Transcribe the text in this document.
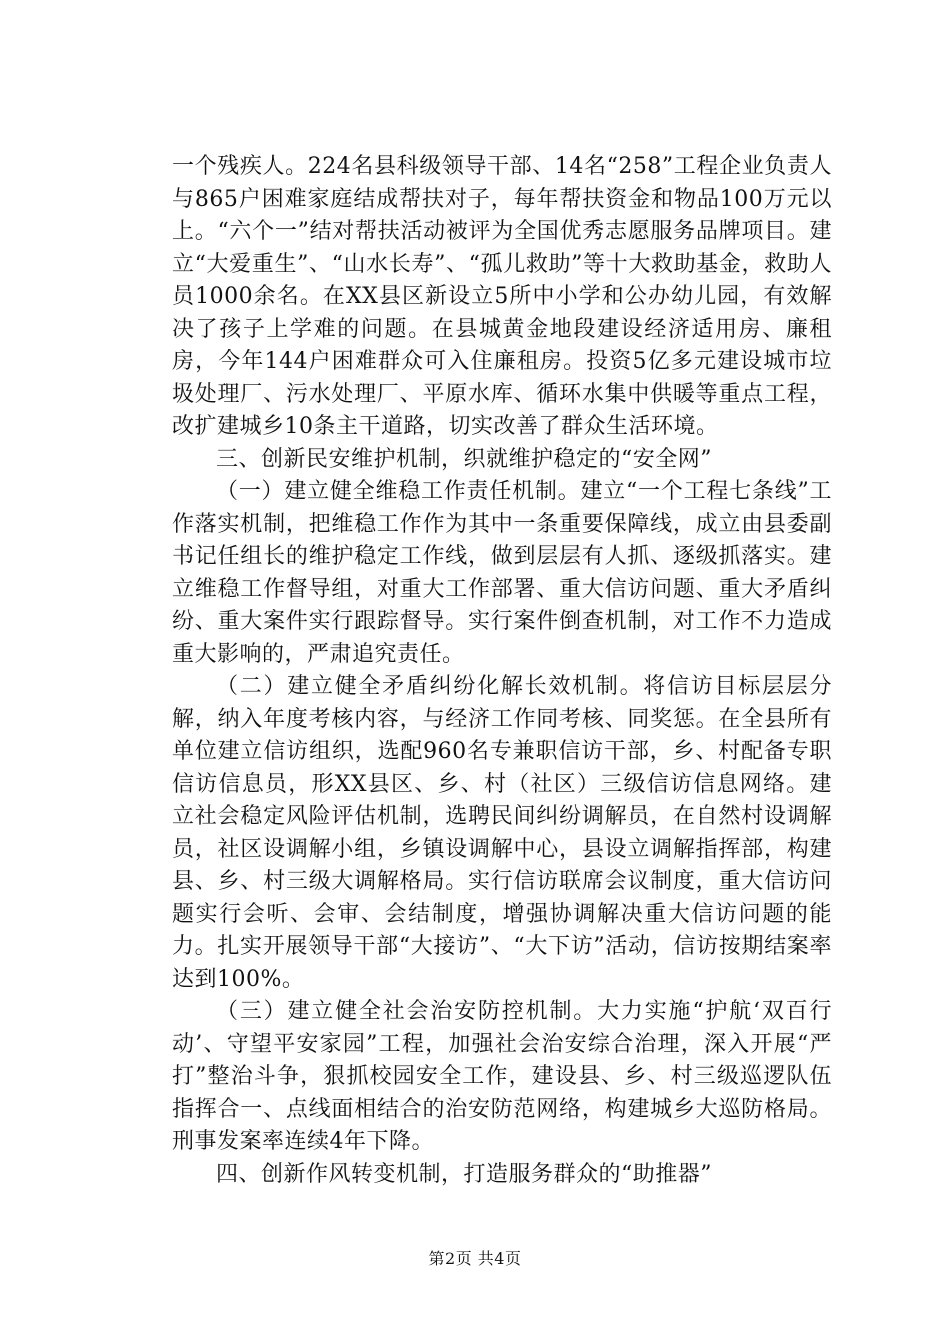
一个残疾人。224名县科级领导干部、14名“258”工程企业负责人与865户困难家庭结成帮扶对子，每年帮扶资金和物品100万元以上。“六个一”结对帮扶活动被评为全国优秀志愿服务品牌项目。建立“大爱重生”、“山水长寿”、“孤儿救助”等十大救助基金，救助人员1000余名。在XX县区新设立5所中小学和公办幼儿园，有效解决了孩子上学难的问题。在县城黄金地段建设经济适用房、廉租房，今年144户困难群众可入住廉租房。投资5亿多元建设城市垃圾处理厂、污水处理厂、平原水库、循环水集中供暖等重点工程，改扩建城乡10条主干道路，切实改善了群众生活环境。

三、创新民安维护机制，织就维护稳定的“安全网”

（一）建立健全维稳工作责任机制。建立“一个工程七条线”工作落实机制，把维稳工作作为其中一条重要保障线，成立由县委副书记任组长的维护稳定工作线，做到层层有人抓、逐级抓落实。建立维稳工作督导组，对重大工作部署、重大信访问题、重大矛盾纠纷、重大案件实行跟踪督导。实行案件倒查机制，对工作不力造成重大影响的，严肃追究责任。

（二）建立健全矛盾纠纷化解长效机制。将信访目标层层分解，纳入年度考核内容，与经济工作同考核、同奖惩。在全县所有单位建立信访组织，选配960名专兼职信访干部，乡、村配备专职信访信息员，形XX县区、乡、村（社区）三级信访信息网络。建立社会稳定风险评估机制，选聘民间纠纷调解员，在自然村设调解员，社区设调解小组，乡镇设调解中心，县设立调解指挥部，构建县、乡、村三级大调解格局。实行信访联席会议制度，重大信访问题实行会听、会审、会结制度，增强协调解决重大信访问题的能力。扎实开展领导干部“大接访”、“大下访”活动，信访按期结案率达到100%。

（三）建立健全社会治安防控机制。大力实施“护航‘双百行动’、守望平安家园”工程，加强社会治安综合治理，深入开展“严打”整治斗争，狠抓校园安全工作，建设县、乡、村三级巡逻队伍指挥合一、点线面相结合的治安防范网络，构建城乡大巡防格局。刑事发案率连续4年下降。

四、创新作风转变机制，打造服务群众的“助推器”

第2页 共4页
